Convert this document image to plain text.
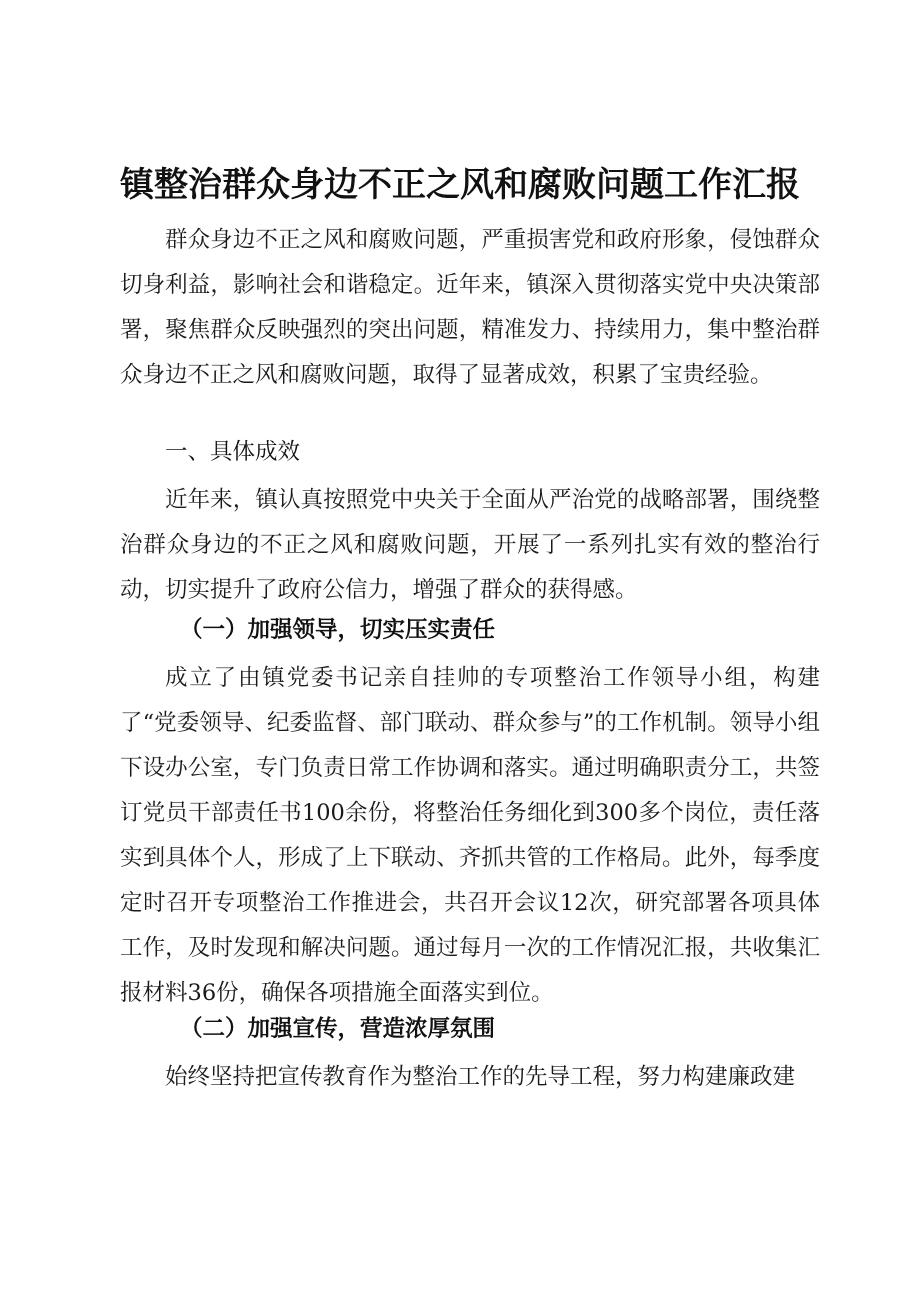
镇整治群众身边不正之风和腐败问题工作汇报
群众身边不正之风和腐败问题，严重损害党和政府形象，侵蚀群众切身利益，影响社会和谐稳定。近年来，镇深入贯彻落实党中央决策部署，聚焦群众反映强烈的突出问题，精准发力、持续用力，集中整治群众身边不正之风和腐败问题，取得了显著成效，积累了宝贵经验。
一、具体成效
近年来，镇认真按照党中央关于全面从严治党的战略部署，围绕整治群众身边的不正之风和腐败问题，开展了一系列扎实有效的整治行动，切实提升了政府公信力，增强了群众的获得感。
（一）加强领导，切实压实责任
成立了由镇党委书记亲自挂帅的专项整治工作领导小组，构建了“党委领导、纪委监督、部门联动、群众参与”的工作机制。领导小组下设办公室，专门负责日常工作协调和落实。通过明确职责分工，共签订党员干部责任书100余份，将整治任务细化到300多个岗位，责任落实到具体个人，形成了上下联动、齐抓共管的工作格局。此外，每季度定时召开专项整治工作推进会，共召开会议12次，研究部署各项具体工作，及时发现和解决问题。通过每月一次的工作情况汇报，共收集汇报材料36份，确保各项措施全面落实到位。
（二）加强宣传，营造浓厚氛围
始终坚持把宣传教育作为整治工作的先导工程，努力构建廉政建
